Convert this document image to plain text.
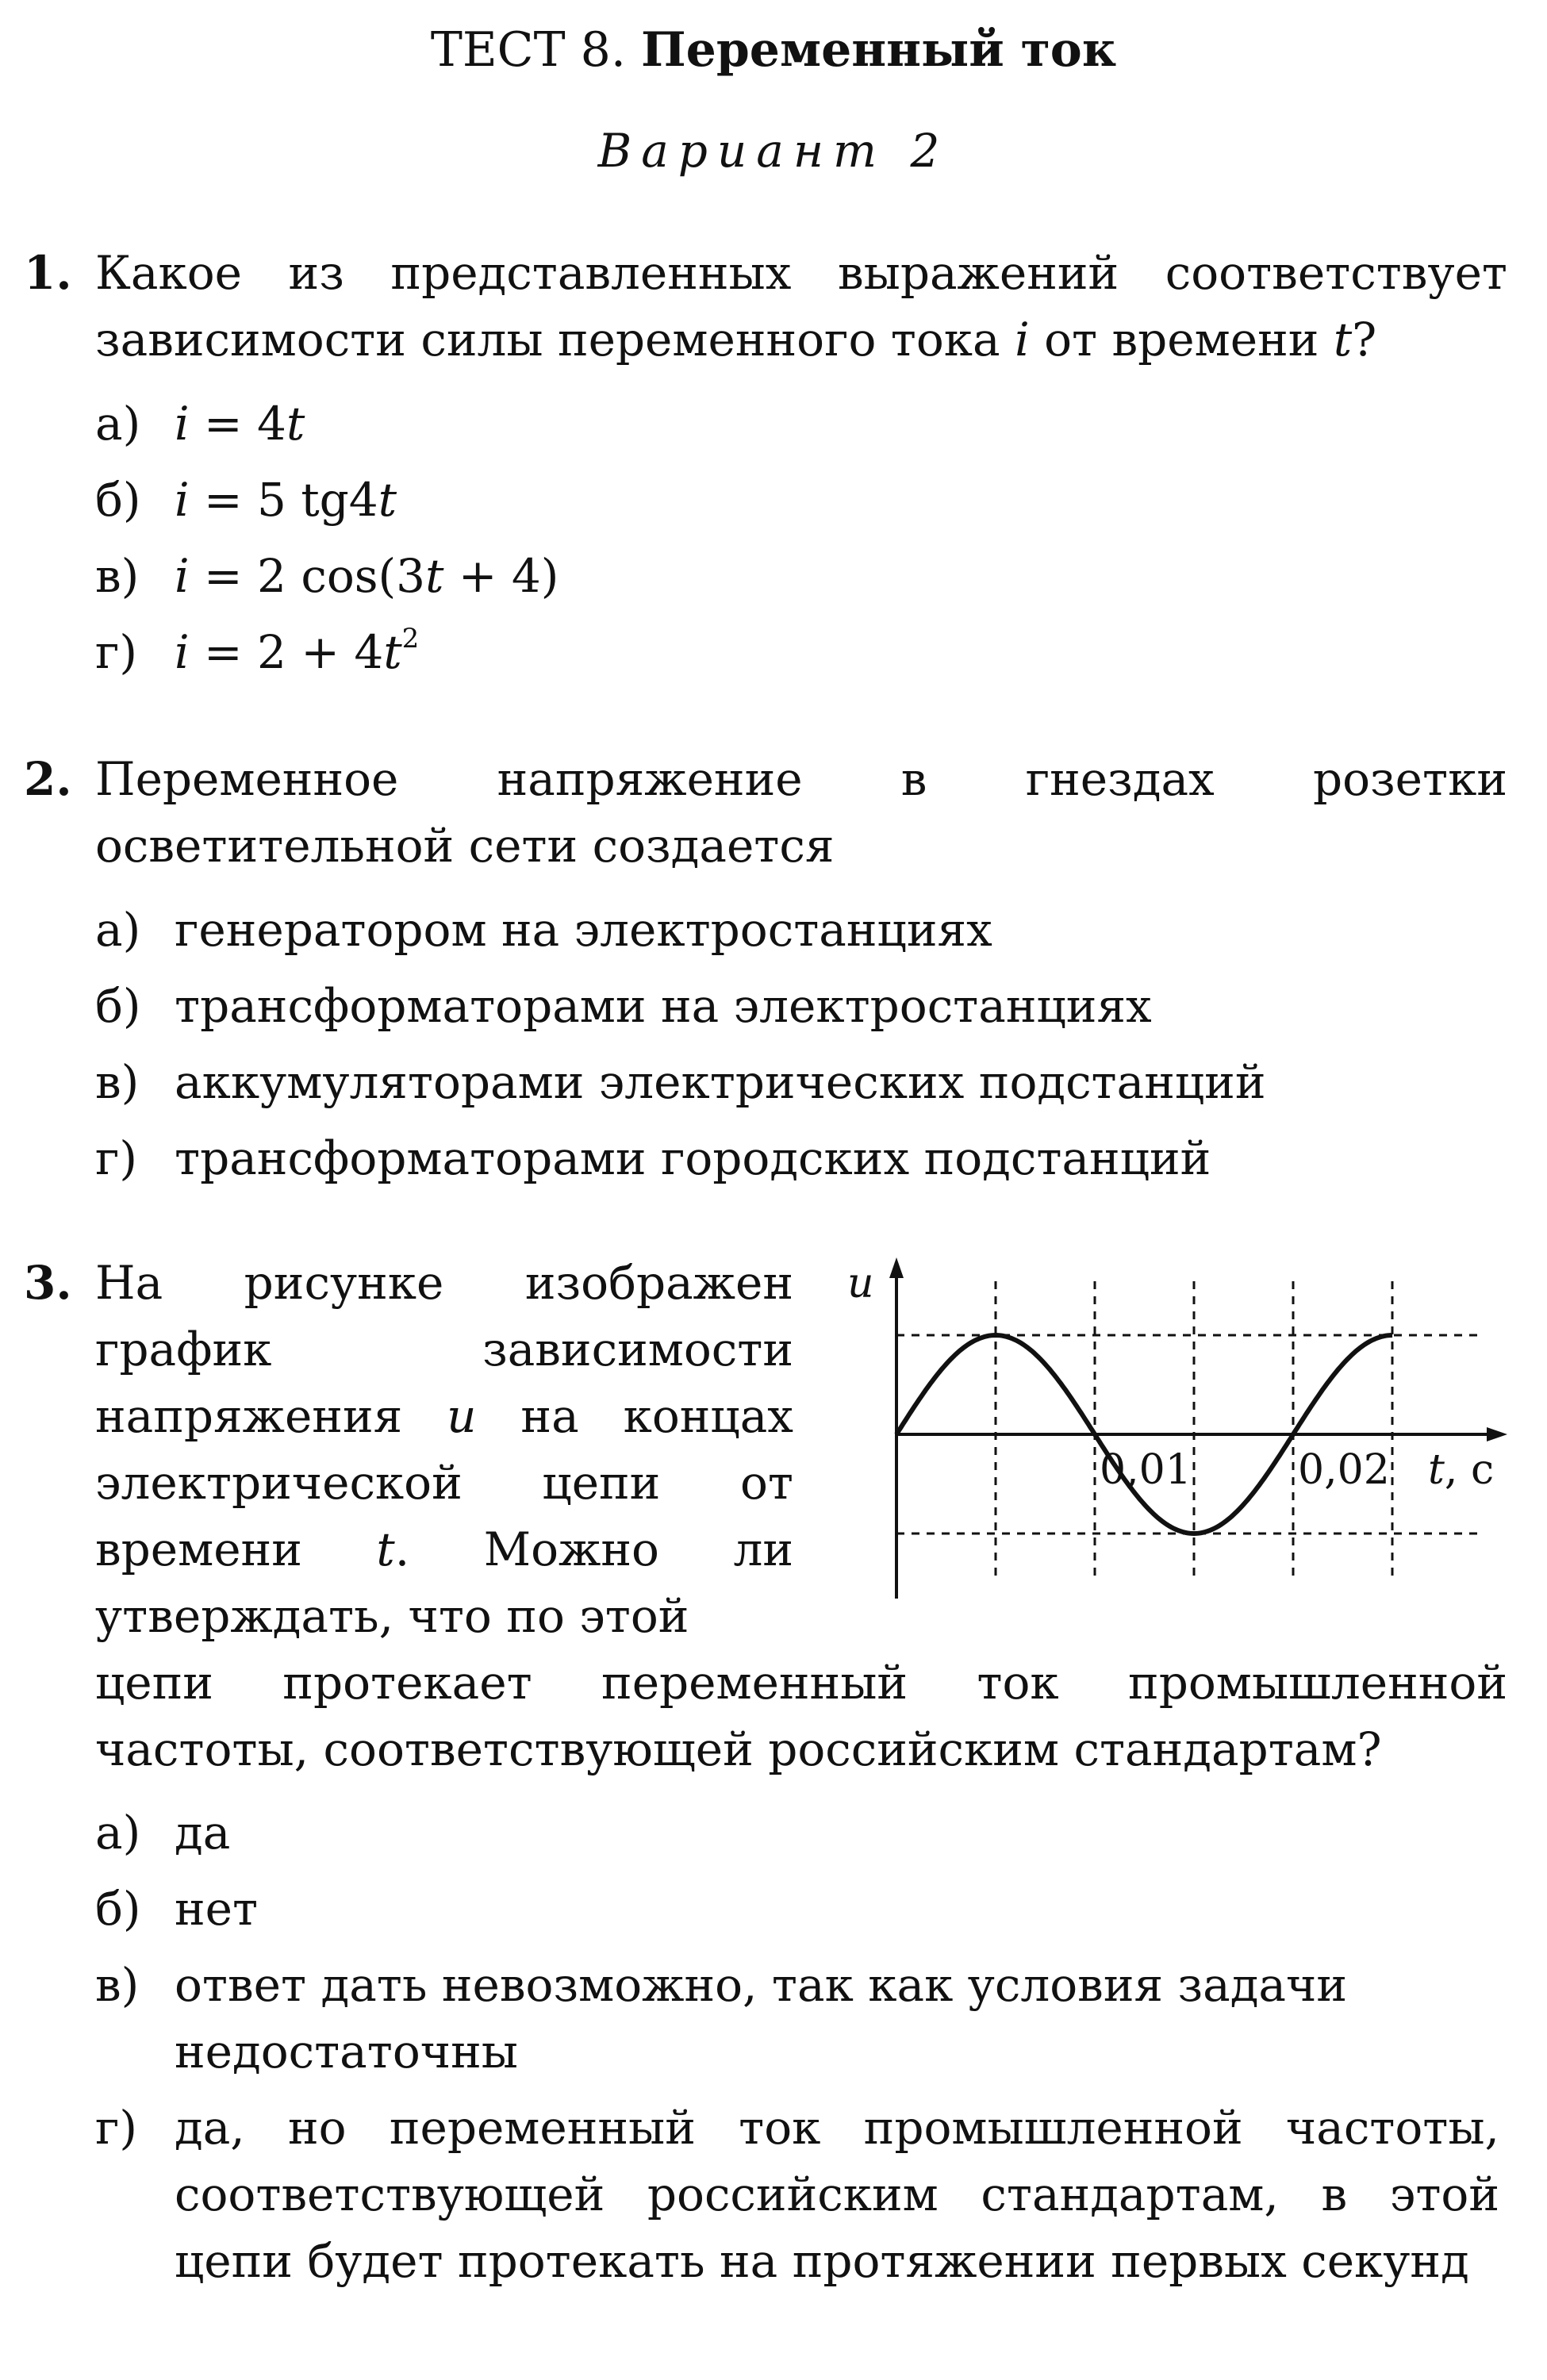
ТЕСТ 8. Переменный ток
Вариант 2
1. Какое из представленных выражений соответствует зависимости силы переменного тока i от времени t?
а) i = 4t
б) i = 5 tg4t
в) i = 2 cos(3t + 4)
г) $i = 2 + 4t^2$
2. Переменное напряжение в гнездах розетки осветительной сети создается
а) генератором на электростанциях
б) трансформаторами на электростанциях
в) аккумуляторами электрических подстанций
г) трансформаторами городских подстанций
3. На рисунке изображен график зависимости напряжения u на концах электрической цепи от времени t. Можно ли утверждать, что по этой
цепи протекает переменный ток промышленной частоты, соответствующей российским стандартам?
0,01	0,02
u
t, с
а) да
б) нет
в) ответ дать невозможно, так как условия задачи недостаточны
г) да, но переменный ток промышленной частоты, соответствующей российским стандартам, в этой цепи будет протекать на протяжении первых секунд
